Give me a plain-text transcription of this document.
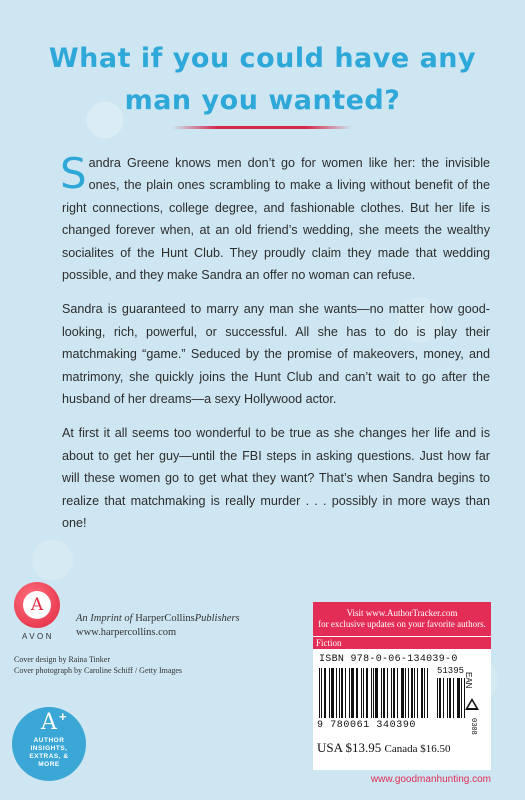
What if you could have any
man you wanted?

Sandra Greene knows men don’t go for women like her: the invisible ones, the plain ones scrambling to make a living without benefit of the right connections, college degree, and fashionable clothes. But her life is changed forever when, at an old friend’s wedding, she meets the wealthy socialites of the Hunt Club. They proudly claim they made that wedding possible, and they make Sandra an offer no woman can refuse.

Sandra is guaranteed to marry any man she wants—no matter how good-looking, rich, powerful, or successful. All she has to do is play their matchmaking “game.” Seduced by the promise of makeovers, money, and matrimony, she quickly joins the Hunt Club and can’t wait to go after the husband of her dreams—a sexy Hollywood actor.

At first it all seems too wonderful to be true as she changes her life and is about to get her guy—until the FBI steps in asking questions. Just how far will these women go to get what they want? That’s when Sandra begins to realize that matchmaking is really murder . . . possibly in more ways than one!

A
AVON
An Imprint of HarperCollinsPublishers
www.harpercollins.com
Cover design by Raina Tinker
Cover photograph by Caroline Schiff / Getty Images
A +
AUTHOR
INSIGHTS,
EXTRAS, &
MORE
Visit www.AuthorTracker.com
for exclusive updates on your favorite authors.
Fiction
ISBN 978-0-06-134039-0
51395
EAN
0308
9 780061 340390
USA $13.95 Canada $16.50
www.goodmanhunting.com
